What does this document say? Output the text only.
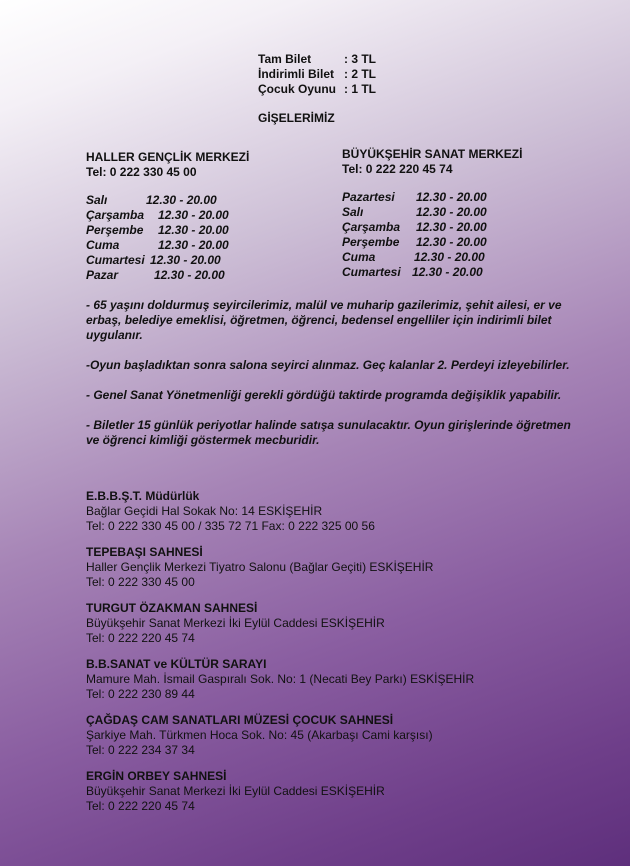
Tam Bilet	: 3 TL
İndirimli Bilet : 2 TL
Çocuk Oyunu : 1 TL
GİŞELERİMİZ
HALLER GENÇLİK MERKEZİ
Tel: 0 222 330 45 00
Salı	12.30 - 20.00
Çarşamba	12.30 - 20.00
Perşembe	12.30 - 20.00
Cuma	12.30 - 20.00
Cumartesi 12.30 - 20.00
Pazar	12.30 - 20.00
BÜYÜKŞEHİR SANAT MERKEZİ
Tel: 0 222 220 45 74
Pazartesi	12.30 - 20.00
Salı	12.30 - 20.00
Çarşamba	12.30 - 20.00
Perşembe	12.30 - 20.00
Cuma	12.30 - 20.00
Cumartesi 12.30 - 20.00

- 65 yaşını doldurmuş seyircilerimiz, malül ve muharip gazilerimiz, şehit ailesi, er ve erbaş, belediye emeklisi, öğretmen, öğrenci, bedensel engelliler için indirimli bilet uygulanır.

-Oyun başladıktan sonra salona seyirci alınmaz. Geç kalanlar 2. Perdeyi izleyebilirler.

- Genel Sanat Yönetmenliği gerekli gördüğü taktirde programda değişiklik yapabilir.

- Biletler 15 günlük periyotlar halinde satışa sunulacaktır. Oyun girişlerinde öğretmen ve öğrenci kimliği göstermek mecburidir.

E.B.B.Ş.T. Müdürlük
Bağlar Geçidi Hal Sokak No: 14 ESKİŞEHİR
Tel: 0 222 330 45 00 / 335 72 71 Fax: 0 222 325 00 56
TEPEBAŞI SAHNESİ
Haller Gençlik Merkezi Tiyatro Salonu (Bağlar Geçiti) ESKİŞEHİR
Tel: 0 222 330 45 00
TURGUT ÖZAKMAN SAHNESİ
Büyükşehir Sanat Merkezi İki Eylül Caddesi ESKİŞEHİR
Tel: 0 222 220 45 74
B.B.SANAT ve KÜLTÜR SARAYI
Mamure Mah. İsmail Gaspıralı Sok. No: 1 (Necati Bey Parkı) ESKİŞEHİR
Tel: 0 222 230 89 44
ÇAĞDAŞ CAM SANATLARI MÜZESİ ÇOCUK SAHNESİ
Şarkiye Mah. Türkmen Hoca Sok. No: 45 (Akarbaşı Cami karşısı)
Tel: 0 222 234 37 34
ERGİN ORBEY SAHNESİ
Büyükşehir Sanat Merkezi İki Eylül Caddesi ESKİŞEHİR
Tel: 0 222 220 45 74
